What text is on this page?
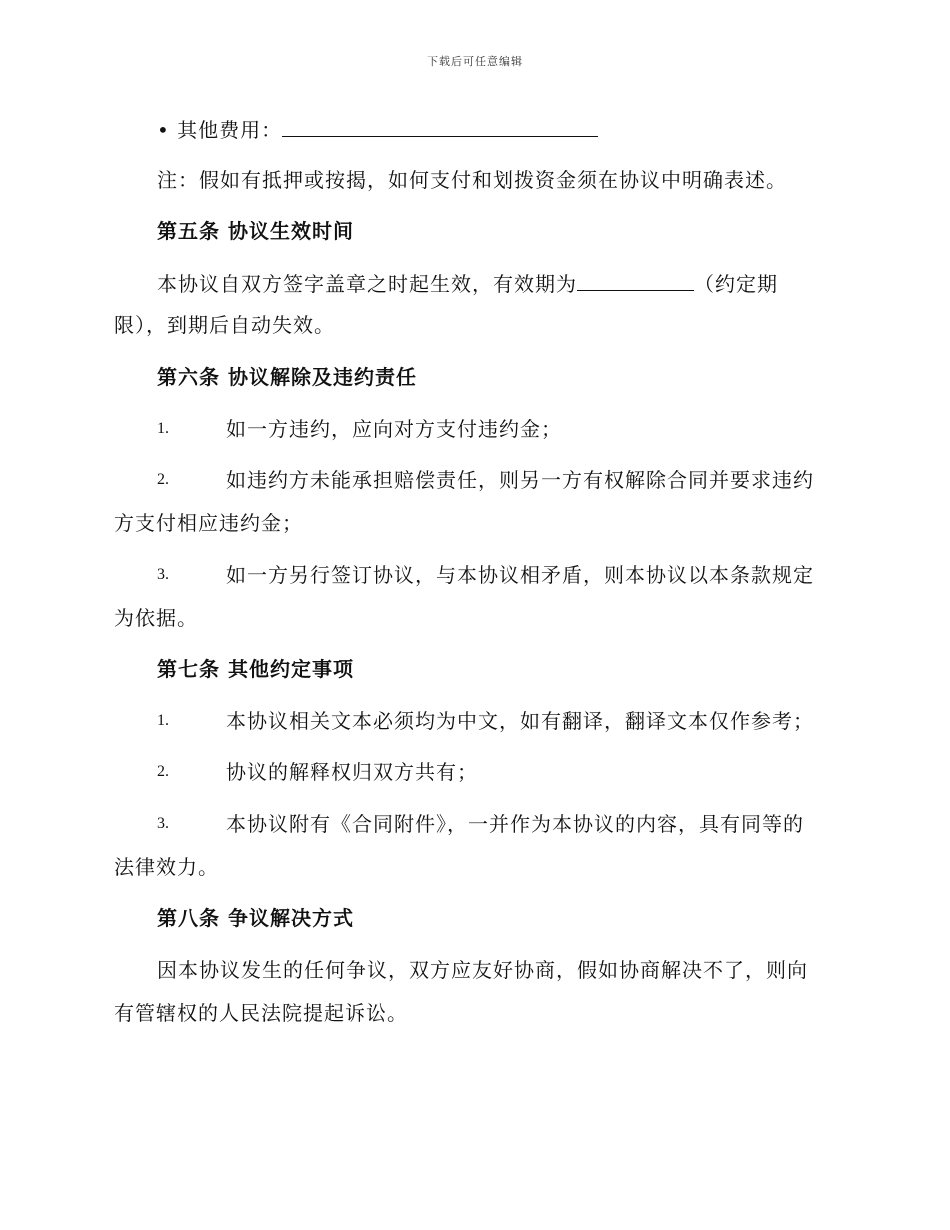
下载后可任意编辑
• 其他费用：
注：假如有抵押或按揭，如何支付和划拨资金须在协议中明确表述。
第五条 协议生效时间
本协议自双方签字盖章之时起生效，有效期为	（约定期
限），到期后自动失效。
第六条 协议解除及违约责任
1.	如一方违约，应向对方支付违约金；
2.	如违约方未能承担赔偿责任，则另一方有权解除合同并要求违约
方支付相应违约金；
3.	如一方另行签订协议，与本协议相矛盾，则本协议以本条款规定
为依据。
第七条 其他约定事项
1.	本协议相关文本必须均为中文，如有翻译，翻译文本仅作参考；
2.	协议的解释权归双方共有；
3.	本协议附有《合同附件》，一并作为本协议的内容，具有同等的
法律效力。
第八条 争议解决方式
因本协议发生的任何争议，双方应友好协商，假如协商解决不了，则向
有管辖权的人民法院提起诉讼。
